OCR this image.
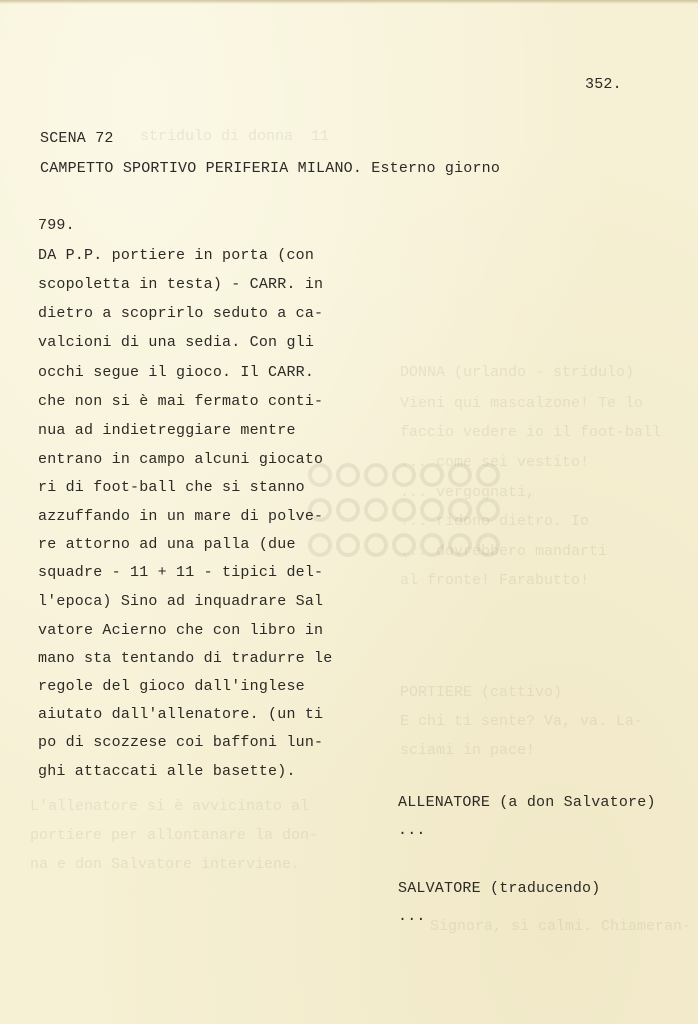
stridulo di donna  11
DONNA (urlando - stridulo)
Vieni qui mascalzone! Te lo
faccio vedere io il foot-ball
... come sei vestito!
... vergognati,
... ridono dietro. Io
... dovrebbero mandarti
al fronte! Farabutto!
PORTIERE (cattivo)
E chi ti sente? Va, va. La-
sciami in pace!
L'allenatore si è avvicinato al
portiere per allontanare la don-
na e don Salvatore interviene.
Signora, si calmi. Chiameran-
352.
SCENA 72
CAMPETTO SPORTIVO PERIFERIA MILANO. Esterno giorno
799.
DA P.P. portiere in porta (con
scopoletta in testa) - CARR. in
dietro a scoprirlo seduto a ca-
valcioni di una sedia. Con gli
occhi segue il gioco. Il CARR.
che non si è mai fermato conti-
nua ad indietreggiare mentre
entrano in campo alcuni giocato
ri di foot-ball che si stanno
azzuffando in un mare di polve-
re attorno ad una palla (due
squadre - 11 + 11 - tipici del-
l'epoca) Sino ad inquadrare Sal
vatore Acierno che con libro in
mano sta tentando di tradurre le
regole del gioco dall'inglese
aiutato dall'allenatore. (un ti
po di scozzese coi baffoni lun-
ghi attaccati alle basette).
ALLENATORE (a don Salvatore)
...
SALVATORE (traducendo)
...
